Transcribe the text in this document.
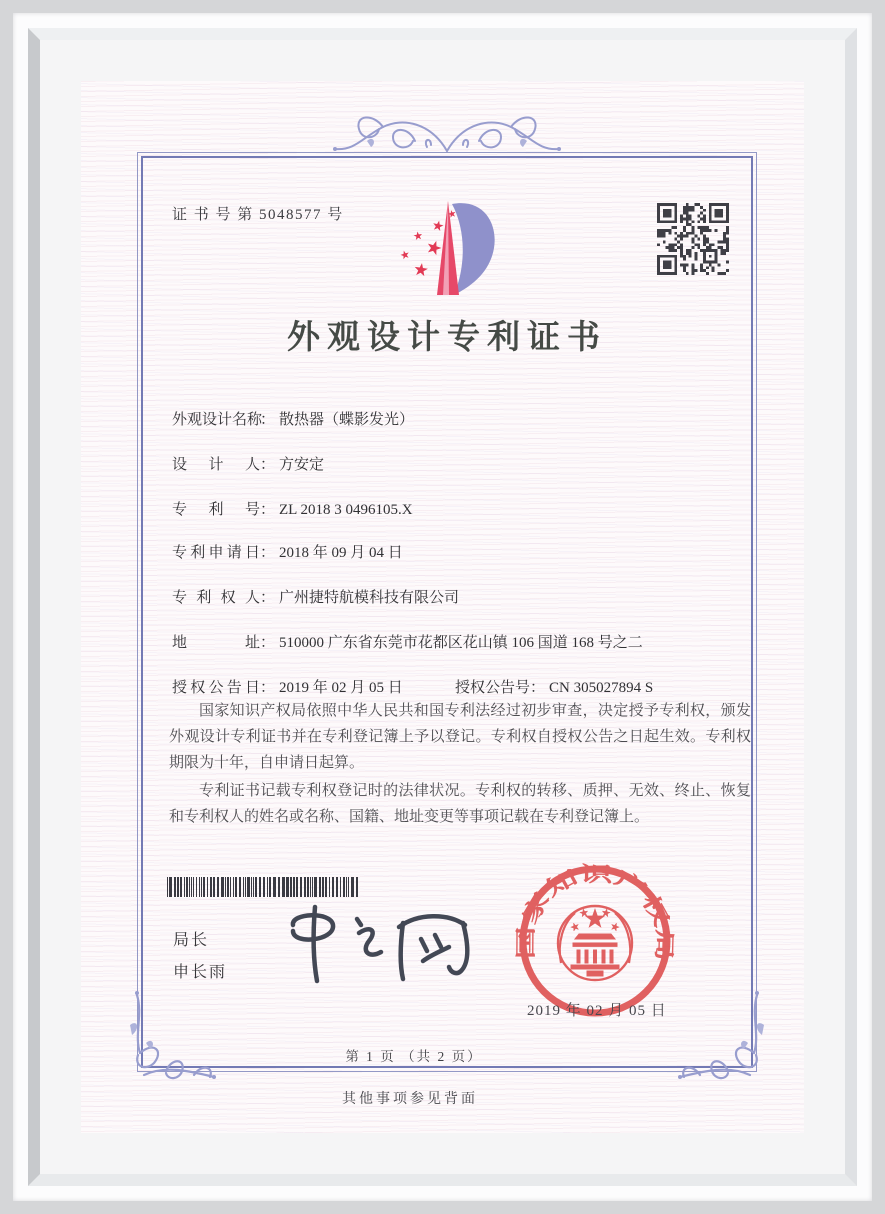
证 书 号 第 5048577 号
外观设计专利证书
外观设计名称： 散热器（蝶影发光）
设计人： 方安定
专利号： ZL 2018 3 0496105.X
专利申请日： 2018 年 09 月 04 日
专利权人： 广州捷特航模科技有限公司
地址： 510000 广东省东莞市花都区花山镇 106 国道 168 号之二
授权公告日： 2019 年 02 月 05 日	授权公告号： CN 305027894 S
国家知识产权局依照中华人民共和国专利法经过初步审查，决定授予专利权，颁发外观设计专利证书并在专利登记簿上予以登记。专利权自授权公告之日起生效。专利权期限为十年，自申请日起算。
专利证书记载专利权登记时的法律状况。专利权的转移、质押、无效、终止、恢复和专利权人的姓名或名称、国籍、地址变更等事项记载在专利登记簿上。
局长
申长雨
国家知识产权局
2019 年 02 月 05 日
第 1 页 （共 2 页）
其他事项参见背面
